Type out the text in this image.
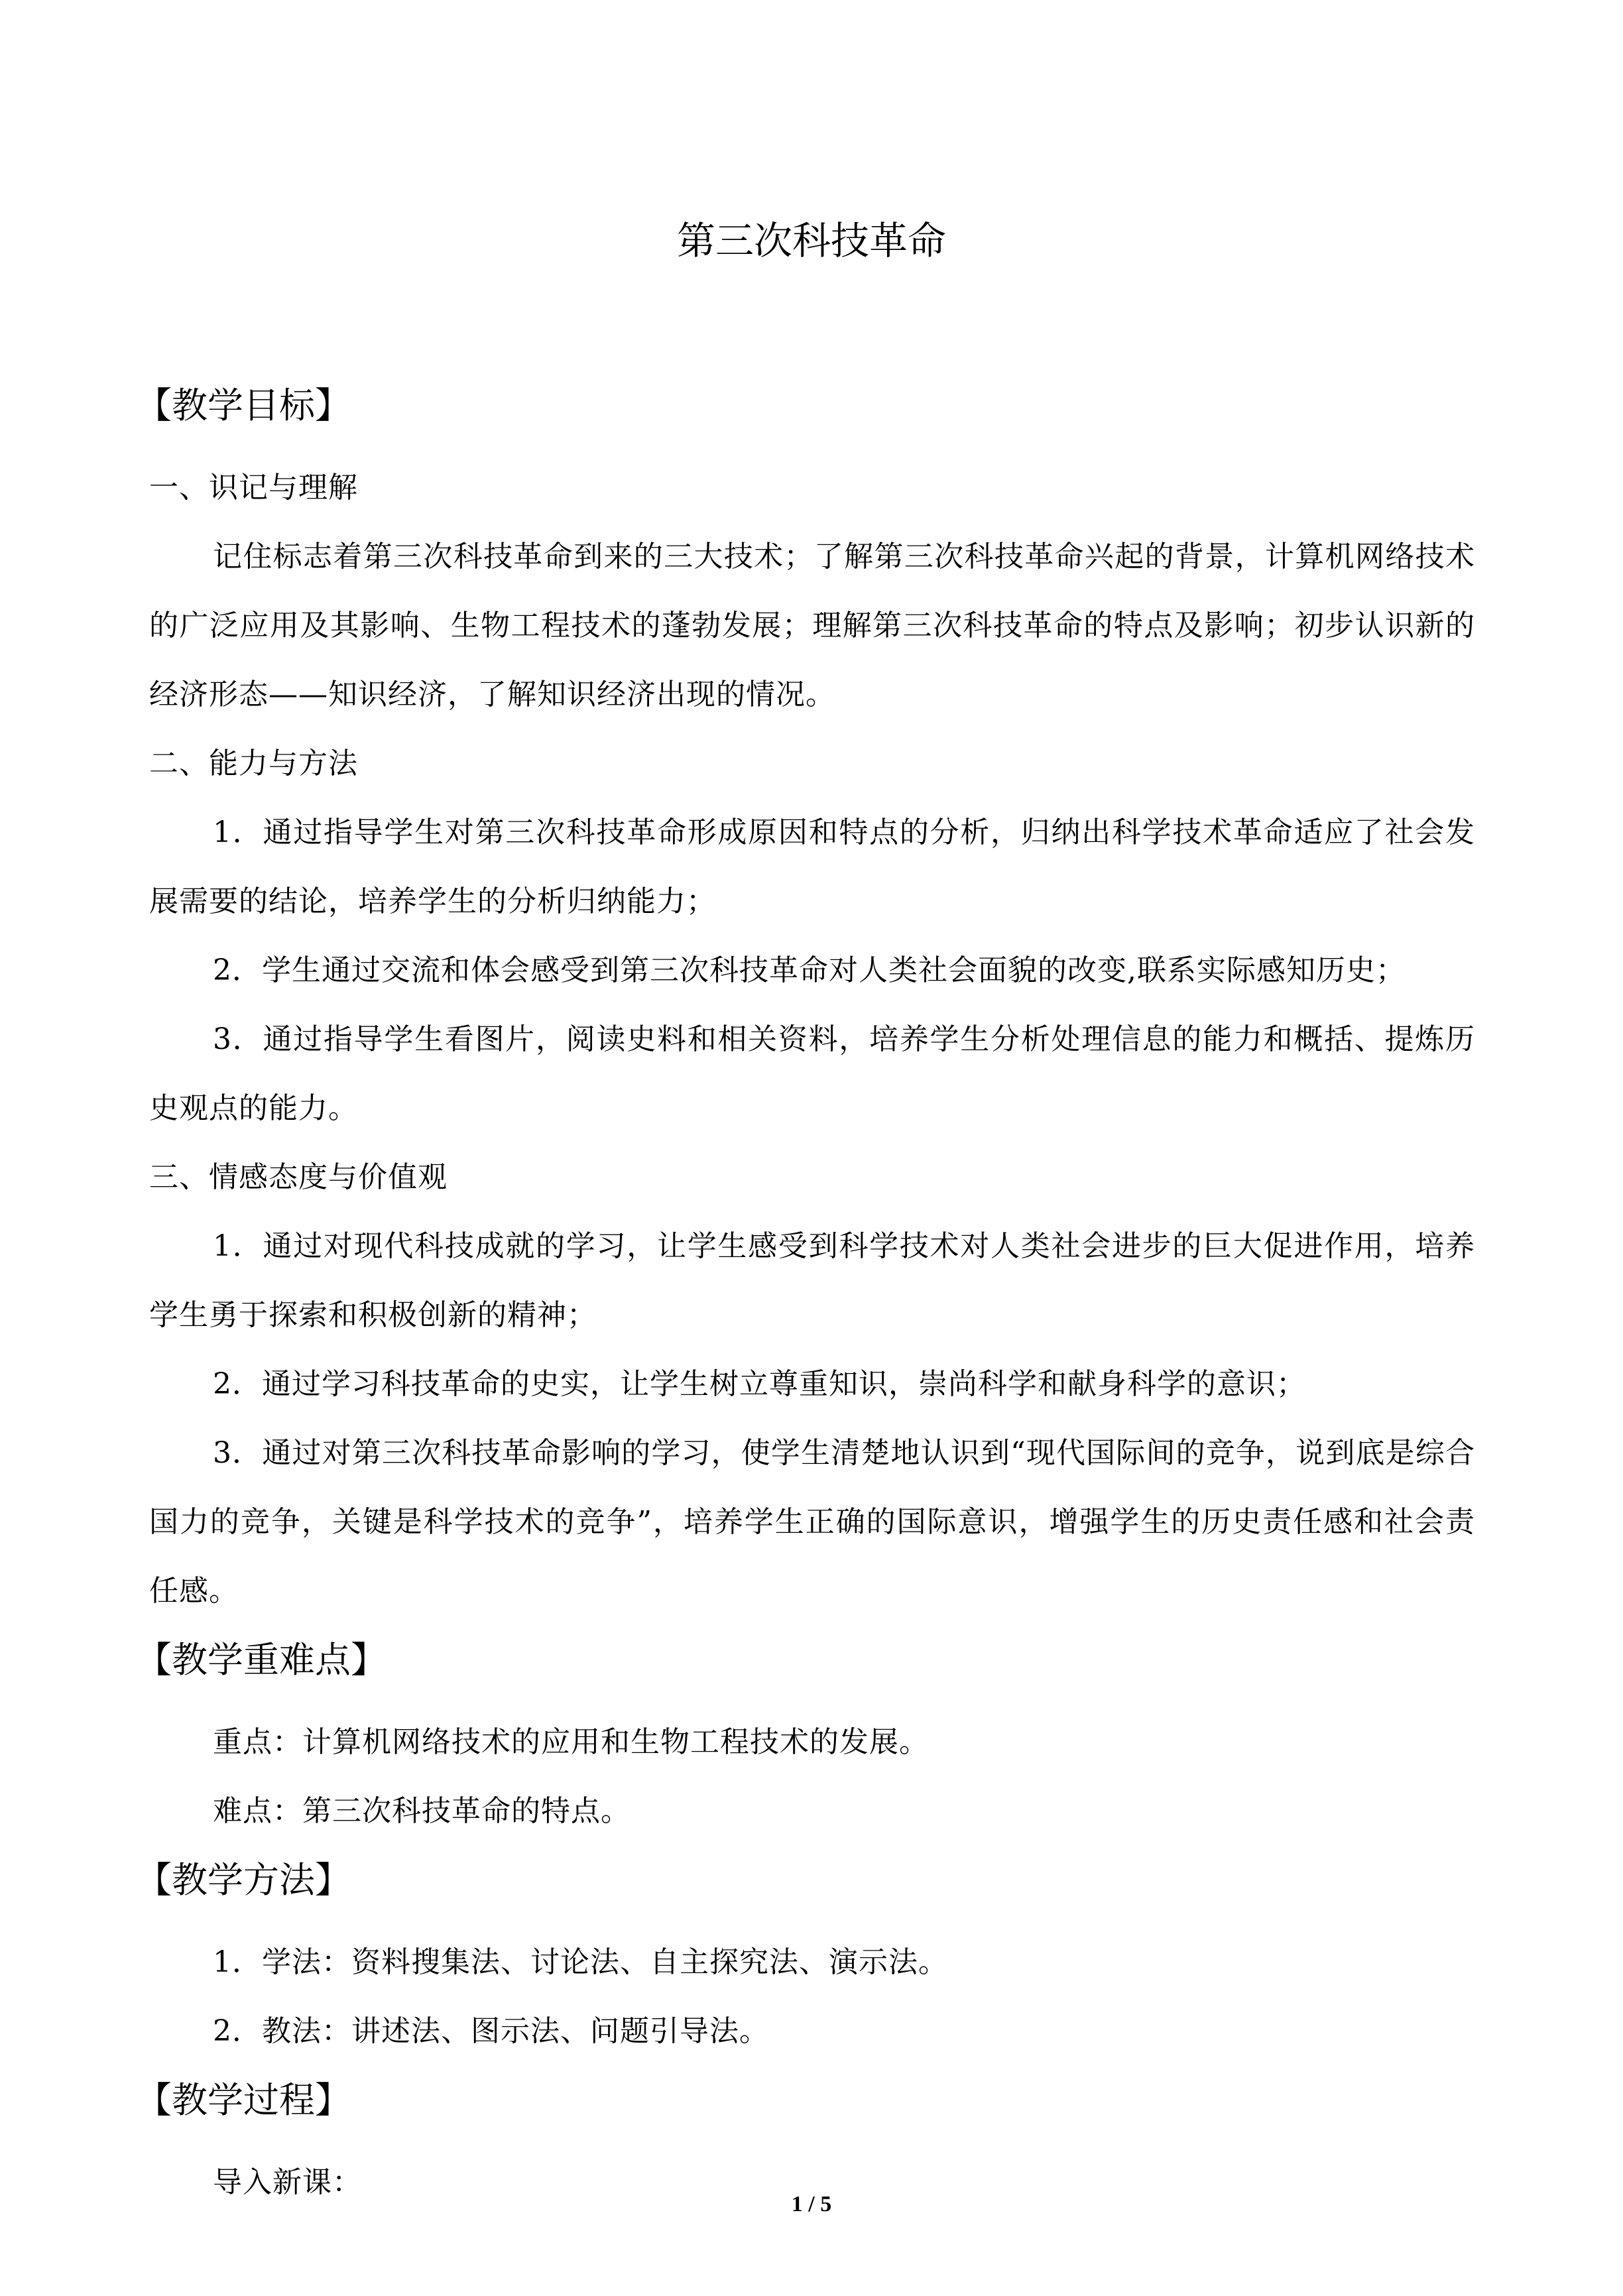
第三次科技革命
【教学目标】

一、识记与理解

记住标志着第三次科技革命到来的三大技术；了解第三次科技革命兴起的背景，计算机网络技术的广泛应用及其影响、生物工程技术的蓬勃发展；理解第三次科技革命的特点及影响；初步认识新的经济形态——知识经济，了解知识经济出现的情况。

二、能力与方法

1．通过指导学生对第三次科技革命形成原因和特点的分析，归纳出科学技术革命适应了社会发展需要的结论，培养学生的分析归纳能力；

2．学生通过交流和体会感受到第三次科技革命对人类社会面貌的改变,联系实际感知历史；

3．通过指导学生看图片，阅读史料和相关资料，培养学生分析处理信息的能力和概括、提炼历史观点的能力。

三、情感态度与价值观

1．通过对现代科技成就的学习，让学生感受到科学技术对人类社会进步的巨大促进作用，培养学生勇于探索和积极创新的精神；

2．通过学习科技革命的史实，让学生树立尊重知识，崇尚科学和献身科学的意识；

3．通过对第三次科技革命影响的学习，使学生清楚地认识到“现代国际间的竞争，说到底是综合国力的竞争，关键是科学技术的竞争”，培养学生正确的国际意识，增强学生的历史责任感和社会责任感。

【教学重难点】

重点：计算机网络技术的应用和生物工程技术的发展。

难点：第三次科技革命的特点。

【教学方法】

1．学法：资料搜集法、讨论法、自主探究法、演示法。

2．教法：讲述法、图示法、问题引导法。

【教学过程】

导入新课：

1 / 5
